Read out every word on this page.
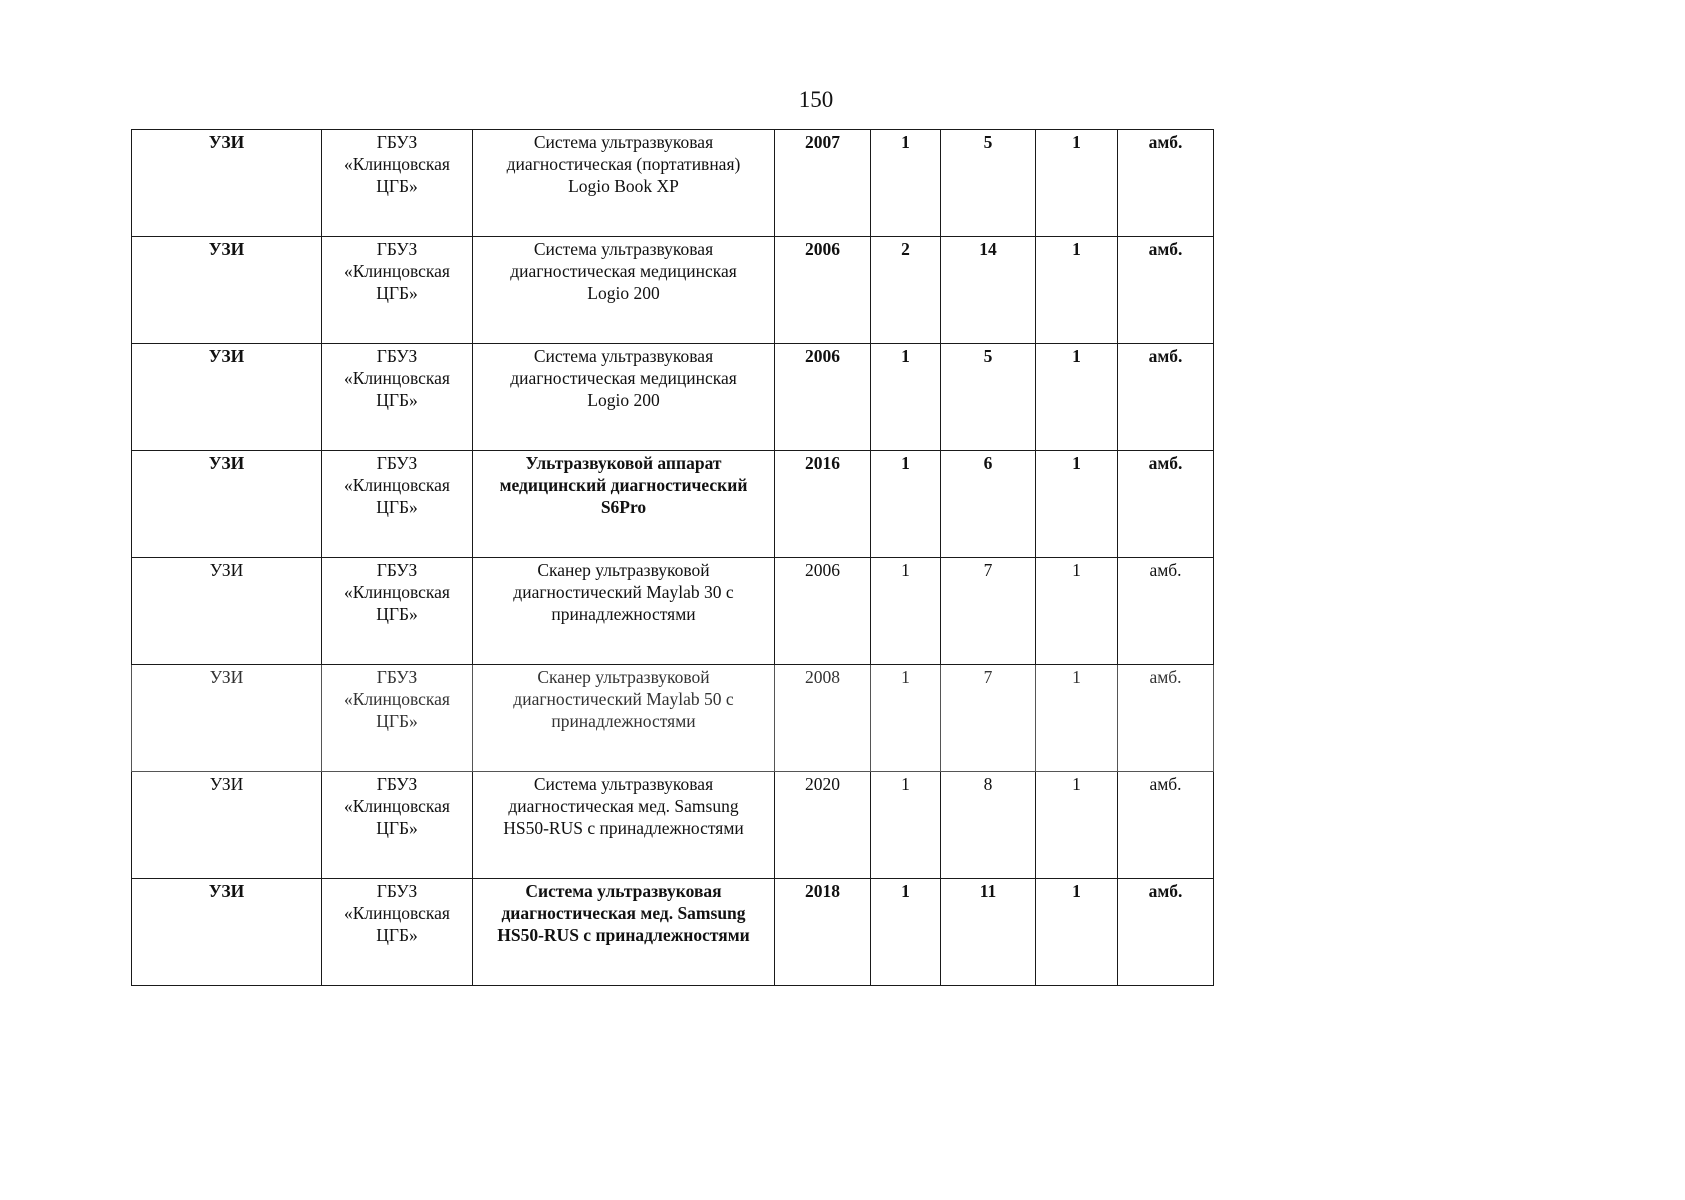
150
УЗИ	ГБУЗ
«Клинцовская
ЦГБ»	Система ультразвуковая
диагностическая (портативная)
Logio Book XP	2007	1	5	1	амб.
УЗИ	ГБУЗ
«Клинцовская
ЦГБ»	Система ультразвуковая
диагностическая медицинская
Logio 200	2006	2	14	1	амб.
УЗИ	ГБУЗ
«Клинцовская
ЦГБ»	Система ультразвуковая
диагностическая медицинская
Logio 200	2006	1	5	1	амб.
УЗИ	ГБУЗ
«Клинцовская
ЦГБ»	Ультразвуковой аппарат
медицинский диагностический
S6Pro	2016	1	6	1	амб.
УЗИ	ГБУЗ
«Клинцовская
ЦГБ»	Сканер ультразвуковой
диагностический Maylab 30 с
принадлежностями	2006	1	7	1	амб.
УЗИ	ГБУЗ
«Клинцовская
ЦГБ»	Сканер ультразвуковой
диагностический Maylab 50 с
принадлежностями	2008	1	7	1	амб.
УЗИ	ГБУЗ
«Клинцовская
ЦГБ»	Система ультразвуковая
диагностическая мед. Samsung
HS50-RUS с принадлежностями	2020	1	8	1	амб.
УЗИ	ГБУЗ
«Клинцовская
ЦГБ»	Система ультразвуковая
диагностическая мед. Samsung
HS50-RUS с принадлежностями	2018	1	11	1	амб.
